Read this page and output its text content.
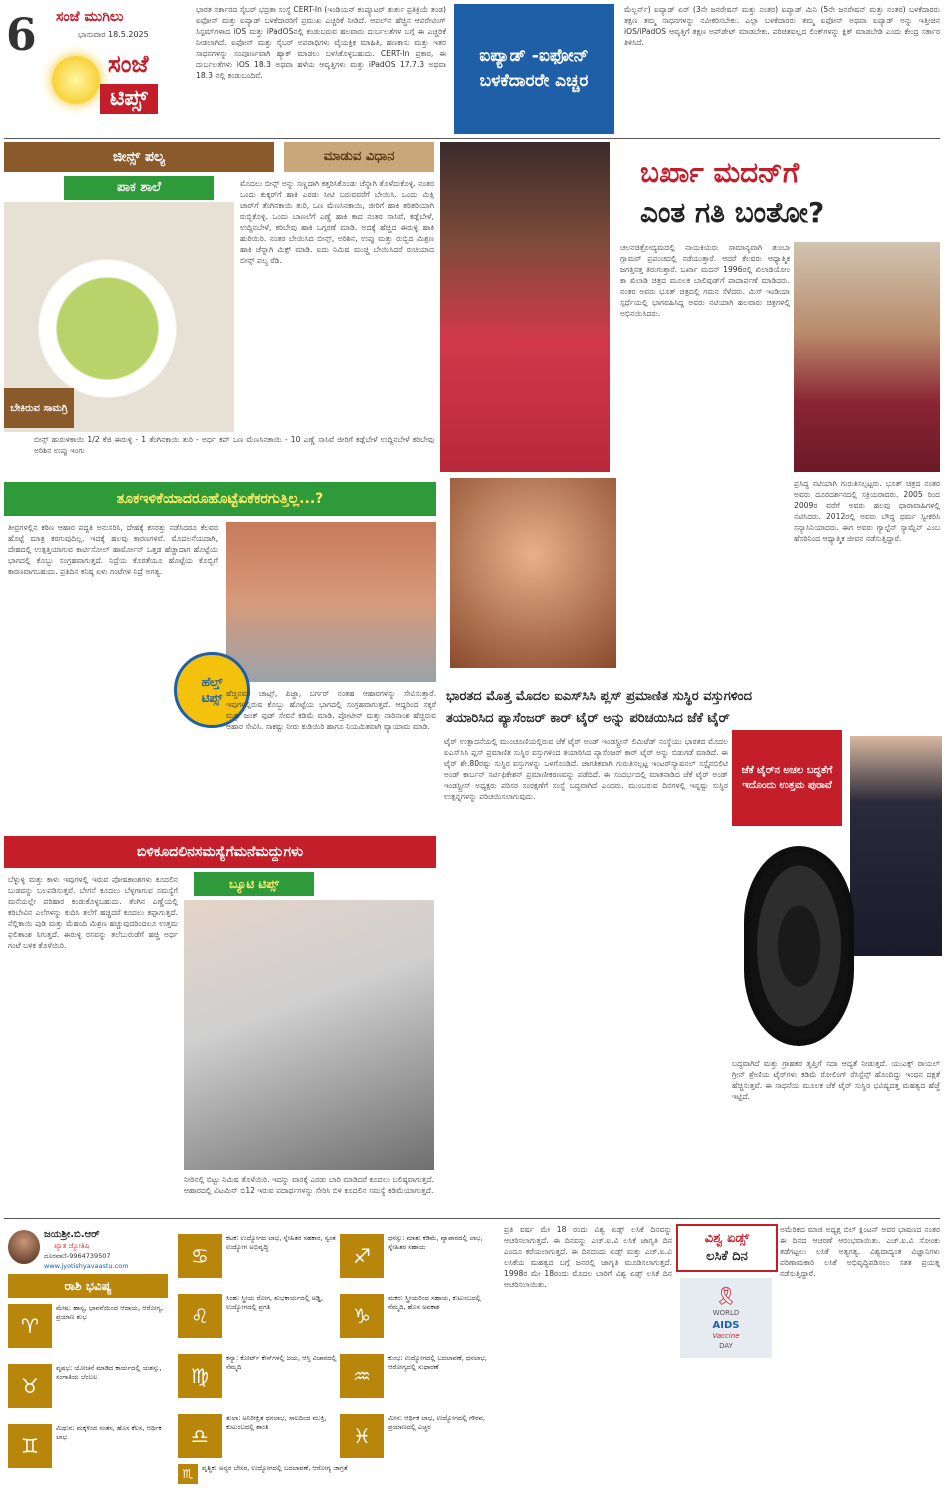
6 ಸಂಜೆ ಮುಗಿಲು
ಭಾನುವಾರ 18.5.2025
ಸಂಜೆ
ಟಿಪ್ಸ್
ಭಾರತ ಸರ್ಕಾರದ ಸೈಬರ್ ಭದ್ರತಾ ಸಂಸ್ಥೆ CERT-In (ಇಂಡಿಯನ್ ಕಂಪ್ಯೂಟರ್ ತುರ್ತು ಪ್ರತಿಕ್ರಿಯೆ ತಂಡ) ಐಫೋನ್ ಮತ್ತು ಐಪ್ಯಾಡ್ ಬಳಕೆದಾರರಿಗೆ ಪ್ರಮುಖ ಎಚ್ಚರಿಕೆ ನೀಡಿದೆ. ಆಪಲ್‌ನ ಹೆಚ್ಚಿನ ಆಪರೇಟಿಂಗ್ ಸಿಸ್ಟಮ್‌ಗಳಾದ iOS ಮತ್ತು iPadOSನಲ್ಲಿ ಕಂಡುಬರುವ ಹಲವಾರು ದುರ್ಬಲತೆಗಳ ಬಗ್ಗೆ ಈ ಎಚ್ಚರಿಕೆ ನೀಡಲಾಗಿದೆ. ಐಫೋನ್ ಮತ್ತು ಸೈಬರ್ ಅಪರಾಧಿಗಳು ವೈಯಕ್ತಿಕ ಮಾಹಿತಿ, ಹಣಕಾಸು ಮತ್ತು ಇತರ ಸಾಧನಗಳನ್ನು ಸಂಪೂರ್ಣವಾಗಿ ಹ್ಯಾಕ್ ಮಾಡಲು ಬಳಸಿಕೊಳ್ಳಬಹುದು. CERT-In ಪ್ರಕಾರ, ಈ ದುರ್ಬಲತೆಗಳು iOS 18.3 ಅಥವಾ ಹಳೆಯ ಆವೃತ್ತಿಗಳು ಮತ್ತು iPadOS 17.7.3 ಅಥವಾ 18.3 ನಲ್ಲಿ ಕಂಡುಬಂದಿವೆ.
ಐಪ್ಯಾಡ್ -ಐಫೋನ್ ಬಳಕೆದಾರರೇ ಎಚ್ಚರ
ಮೆಲ್ಬರ್ನ್) ಐಪ್ಯಾಡ್ ಏರ್ (3ನೇ ಜನರೇಷನ್ ಮತ್ತು ನಂತರ) ಐಪ್ಯಾಡ್ ಮಿನಿ (5ನೇ ಜನರೇಷನ್ ಮತ್ತು ನಂತರ) ಬಳಕೆದಾರರು ತಕ್ಷಣ ತಮ್ಮ ಸಾಧನಗಳನ್ನು ನವೀಕರಿಸಬೇಕು. ಎಲ್ಲಾ ಬಳಕೆದಾರರು ತಮ್ಮ ಐಫೋನ್ ಅಥವಾ ಐಪ್ಯಾಡ್ ಅನ್ನು ಇತ್ತೀಚಿನ iOS/iPadOS ಆವೃತ್ತಿಗೆ ತಕ್ಷಣ ಅಪ್‌ಡೇಟ್ ಮಾಡಬೇಕು. ಪರಿಚಿತವಲ್ಲದ ಲಿಂಕ್‌ಗಳನ್ನು ಕ್ಲಿಕ್ ಮಾಡಬೇಡಿ ಎಂದು ಕೇಂದ್ರ ಸರ್ಕಾರ ತಿಳಿಸಿದೆ.
ಜೀನ್ಸ್ ಪಲ್ಯ	ಮಾಡುವ ವಿಧಾನ
ಪಾಕ ಶಾಲೆ
ಬೇಕಿರುವ ಸಾಮಗ್ರಿ
ಬೀನ್ಸ್ ಹುರುಳಿಕಾಯಿ 1/2 ಕೆಜಿ ಈರುಳ್ಳಿ - 1 ತೆಂಗಿನಕಾಯಿ ತುರಿ - ಅರ್ಧ ಕಪ್ ಒಣ ಮೆಣಸಿನಕಾಯಿ - 10 ಎಣ್ಣೆ ಸಾಸಿವೆ ಜೀರಿಗೆ ಕಡ್ಲೆಬೇಳೆ ಉದ್ದಿನಬೇಳೆ ಕರಿಬೇವು ಅರಿಶಿನ ಉಪ್ಪು ಇಂಗು
ಮೊದಲು ಬೀನ್ಸ್ ಅನ್ನು ಸಣ್ಣದಾಗಿ ಕತ್ತರಿಸಿಕೊಂಡು ಚೆನ್ನಾಗಿ ತೊಳೆದುಕೊಳ್ಳಿ. ನಂತರ ಒಂದು ಕುಕ್ಕರ್‌ಗೆ ಹಾಕಿ ಎರಡು ಸೀಟಿ ಬರುವವರೆಗೆ ಬೇಯಿಸಿ. ಒಂದು ಮಿಕ್ಸಿ ಜಾರ್‌ಗೆ ತೆಂಗಿನಕಾಯಿ ತುರಿ, ಒಣ ಮೆಣಸಿನಕಾಯಿ, ಜೀರಿಗೆ ಹಾಕಿ ತರಿತರಿಯಾಗಿ ರುಬ್ಬಿಕೊಳ್ಳಿ. ಒಂದು ಬಾಣಲೆಗೆ ಎಣ್ಣೆ ಹಾಕಿ ಕಾದ ನಂತರ ಸಾಸಿವೆ, ಕಡ್ಲೆಬೇಳೆ, ಉದ್ದಿನಬೇಳೆ, ಕರಿಬೇವು ಹಾಕಿ ಒಗ್ಗರಣೆ ಮಾಡಿ. ಅದಕ್ಕೆ ಹೆಚ್ಚಿದ ಈರುಳ್ಳಿ ಹಾಕಿ ಹುರಿಯಿರಿ. ನಂತರ ಬೇಯಿಸಿದ ಬೀನ್ಸ್, ಅರಿಶಿನ, ಉಪ್ಪು ಮತ್ತು ರುಬ್ಬಿದ ಮಿಶ್ರಣ ಹಾಕಿ ಚೆನ್ನಾಗಿ ಮಿಕ್ಸ್ ಮಾಡಿ. ಐದು ನಿಮಿಷ ಮುಚ್ಚಿ ಬೇಯಿಸಿದರೆ ರುಚಿಯಾದ ಬೀನ್ಸ್ ಪಲ್ಯ ರೆಡಿ.
ಬರ್ಖಾ ಮದನ್‌ಗೆ
ಎಂತ ಗತಿ ಬಂತೋ?
ಚಲನಚಿತ್ರೋದ್ಯಮದಲ್ಲಿ ನಾಯಕಿಯರು ಸಾಮಾನ್ಯವಾಗಿ ತುಂಬಾ ಗ್ಲಾಮರ್ ಪ್ರಪಂಚದಲ್ಲಿ ನಡೆಯುತ್ತಾರೆ. ಆದರೆ ಕೆಲವರು ಆಧ್ಯಾತ್ಮಿಕ ಜಗತ್ತಿನತ್ತ ತಿರುಗುತ್ತಾರೆ. ಬರ್ಖಾ ಮದನ್ 1996ರಲ್ಲಿ ಖಿಲಾಡಿಯೋಂ ಕಾ ಖಿಲಾಡಿ ಚಿತ್ರದ ಮೂಲಕ ಬಾಲಿವುಡ್‌ಗೆ ಪಾದಾರ್ಪಣೆ ಮಾಡಿದರು. ನಂತರ ಅವರು ಭೂತ್ ಚಿತ್ರದಲ್ಲಿ ಗಮನ ಸೆಳೆದರು. ಮಿಸ್ ಇಂಡಿಯಾ ಸ್ಪರ್ಧೆಯಲ್ಲಿ ಭಾಗವಹಿಸಿದ್ದ ಅವರು ನಟಿಯಾಗಿ ಹಲವಾರು ಚಿತ್ರಗಳಲ್ಲಿ ಅಭಿನಯಿಸಿದರು.
ಪ್ರಸಿದ್ಧ ನಟಿಯಾಗಿ ಗುರುತಿಸಲ್ಪಟ್ಟರು. ಭೂತ್ ಚಿತ್ರದ ನಂತರ ಅವರು ದೂರದರ್ಶನದಲ್ಲಿ ಸಕ್ರಿಯರಾದರು. 2005 ರಿಂದ 2009ರ ವರೆಗೆ ಅವರು ಹಲವು ಧಾರಾವಾಹಿಗಳಲ್ಲಿ ನಟಿಸಿದರು. 2012ರಲ್ಲಿ ಅವರು ಬೌದ್ಧ ಧರ್ಮ ಸ್ವೀಕರಿಸಿ ಸನ್ಯಾಸಿನಿಯಾದರು. ಈಗ ಅವರು ಗ್ಯಾಲ್ಟೆನ್ ಸ್ಯಾಮ್ಟೆನ್ ಎಂಬ ಹೆಸರಿನಿಂದ ಆಧ್ಯಾತ್ಮಿಕ ಜೀವನ ನಡೆಸುತ್ತಿದ್ದಾರೆ.
ತೂಕಇಳಿಕೆಯಾದರೂಹೊಟ್ಟೆಏಕೆಕರಗುತ್ತಿಲ್ಲ...?
ತೀವ್ರಗಳಲ್ಲಿನ ಕಠಿಣ ಆಹಾರ ಪದ್ಧತಿ ಅನುಸರಿಸಿ, ದೇಹಕ್ಕೆ ಕಸರತ್ತು ನಡೆಸಿದರೂ ಕೆಲವರ ಹೊಟ್ಟೆ ಮಾತ್ರ ಕರಗುವುದಿಲ್ಲ. ಇದಕ್ಕೆ ಹಲವು ಕಾರಣಗಳಿವೆ. ಮೊದಲನೆಯದಾಗಿ, ದೇಹದಲ್ಲಿ ಉತ್ಪತ್ತಿಯಾಗುವ ಕಾರ್ಟಿಸೋಲ್ ಹಾರ್ಮೋನ್ ಒತ್ತಡ ಹೆಚ್ಚಾದಾಗ ಹೊಟ್ಟೆಯ ಭಾಗದಲ್ಲಿ ಕೊಬ್ಬು ಸಂಗ್ರಹವಾಗುತ್ತದೆ. ನಿದ್ರೆಯ ಕೊರತೆಯೂ ಹೊಟ್ಟೆಯ ಕೊಬ್ಬಿಗೆ ಕಾರಣವಾಗಬಹುದು. ಪ್ರತಿದಿನ ಕನಿಷ್ಠ ಏಳು ಗಂಟೆಗಳ ನಿದ್ರೆ ಅಗತ್ಯ.
ಹೆಲ್ತ್
ಟಿಪ್ಸ್ ಹೆಚ್ಚಿನವರ ಚಾಟ್ಸ್, ಪಿಜ್ಜಾ, ಬರ್ಗರ್ ನಂತಹ ಆಹಾರಗಳನ್ನು ಸೇವಿಸುತ್ತಾರೆ. ಇವುಗಳಲ್ಲಿರುವ ಕೊಬ್ಬು ಹೊಟ್ಟೆಯ ಭಾಗದಲ್ಲಿ ಸಂಗ್ರಹವಾಗುತ್ತದೆ. ಆದ್ದರಿಂದ ಸಕ್ಕರೆ ಮತ್ತು ಜಂಕ್ ಫುಡ್ ಸೇವನೆ ಕಡಿಮೆ ಮಾಡಿ. ಪ್ರೋಟೀನ್ ಮತ್ತು ನಾರಿನಾಂಶ ಹೆಚ್ಚಿರುವ ಆಹಾರ ಸೇವಿಸಿ. ಸಾಕಷ್ಟು ನೀರು ಕುಡಿಯಿರಿ ಹಾಗೂ ನಿಯಮಿತವಾಗಿ ವ್ಯಾಯಾಮ ಮಾಡಿ.
ಭಾರತದ ಮೊತ್ತ ಮೊದಲ ಐಎಸ್‌ಸಿಸಿ ಪ್ಲಸ್ ಪ್ರಮಾಣಿತ ಸುಸ್ಥಿರ ವಸ್ತುಗಳಿಂದ
ತಯಾರಿಸಿದ ಪ್ಯಾಸೆಂಜರ್ ಕಾರ್ ಟೈರ್ ಅನ್ನು ಪರಿಚಯಿಸಿದ ಜೆಕೆ ಟೈರ್
ಟೈರ್ ಉತ್ಪಾದನೆಯಲ್ಲಿ ಮುಂಚೂಣಿಯಲ್ಲಿರುವ ಜೆಕೆ ಟೈರ್ ಅಂಡ್ ಇಂಡಸ್ಟ್ರೀಸ್ ಲಿಮಿಟೆಡ್ ಸಂಸ್ಥೆಯು ಭಾರತದ ಮೊದಲ ಐಎಸ್‌ಸಿಸಿ ಪ್ಲಸ್ ಪ್ರಮಾಣಿತ ಸುಸ್ಥಿರ ವಸ್ತುಗಳಿಂದ ತಯಾರಿಸಿದ ಪ್ಯಾಸೆಂಜರ್ ಕಾರ್ ಟೈರ್ ಅನ್ನು ಬಿಡುಗಡೆ ಮಾಡಿದೆ. ಈ ಟೈರ್ ಶೇ.80ರಷ್ಟು ಸುಸ್ಥಿರ ವಸ್ತುಗಳನ್ನು ಒಳಗೊಂಡಿದೆ. ಜಾಗತಿಕವಾಗಿ ಗುರುತಿಸಲ್ಪಟ್ಟ ಇಂಟರ್‌ನ್ಯಾಷನಲ್ ಸಸ್ಟೈನಬಿಲಿಟಿ ಅಂಡ್ ಕಾರ್ಬನ್ ಸರ್ಟಿಫಿಕೇಶನ್ ಪ್ರಮಾಣೀಕರಣವನ್ನು ಪಡೆದಿದೆ. ಈ ಸಂದರ್ಭದಲ್ಲಿ ಮಾತನಾಡಿದ ಜೆಕೆ ಟೈರ್ ಅಂಡ್ ಇಂಡಸ್ಟ್ರೀಸ್ ಅಧ್ಯಕ್ಷರು ಪರಿಸರ ಸಂರಕ್ಷಣೆಗೆ ಸಂಸ್ಥೆ ಬದ್ಧವಾಗಿದೆ ಎಂದರು. ಮುಂಬರುವ ದಿನಗಳಲ್ಲಿ ಇನ್ನಷ್ಟು ಸುಸ್ಥಿರ ಉತ್ಪನ್ನಗಳನ್ನು ಪರಿಚಯಿಸಲಾಗುವುದು.
ಜೆಕೆ ಟೈರ್‌ನ ಅಚಲ ಬದ್ಧತೆಗೆ ಇದೊಂದು ಉತ್ತಮ ಪುರಾವೆ
ಬದ್ಧವಾಗಿದೆ ಮತ್ತು ಗ್ರಾಹಕರ ತೃಪ್ತಿಗೆ ಸದಾ ಆದ್ಯತೆ ನೀಡುತ್ತದೆ. ಯುಎಕ್ಸ್ ರಾಯಲ್ ಗ್ರೀನ್ ಶ್ರೇಣಿಯ ಟೈರ್‌ಗಳು ಕಡಿಮೆ ರೋಲಿಂಗ್ ರೆಸಿಸ್ಟೆನ್ಸ್ ಹೊಂದಿದ್ದು ಇಂಧನ ದಕ್ಷತೆ ಹೆಚ್ಚಿಸುತ್ತವೆ. ಈ ಸಾಧನೆಯ ಮೂಲಕ ಜೆಕೆ ಟೈರ್ ಸುಸ್ಥಿರ ಭವಿಷ್ಯದತ್ತ ಮಹತ್ವದ ಹೆಜ್ಜೆ ಇಟ್ಟಿದೆ.
ಬಿಳಿಕೂದಲಿನಸಮಸ್ಯೆಗೆಮನೆಮದ್ದುಗಳು
ಬೆಳ್ಳುಳ್ಳಿ ಮತ್ತು ಕಾಳು ಇವುಗಳಲ್ಲಿ ಇರುವ ಪೋಷಕಾಂಶಗಳು ಕೂದಲಿನ ಬುಡವನ್ನು ಬಲಪಡಿಸುತ್ತವೆ. ಬೇಗನೆ ಕೂದಲು ಬೆಳ್ಳಗಾಗುವ ಸಮಸ್ಯೆಗೆ ಮನೆಯಲ್ಲೇ ಪರಿಹಾರ ಕಂಡುಕೊಳ್ಳಬಹುದು. ತೆಂಗಿನ ಎಣ್ಣೆಯಲ್ಲಿ ಕರಿಬೇವಿನ ಎಲೆಗಳನ್ನು ಕುದಿಸಿ ತಲೆಗೆ ಹಚ್ಚಿದರೆ ಕೂದಲು ಕಪ್ಪಾಗುತ್ತದೆ. ನೆಲ್ಲಿಕಾಯಿ ಪುಡಿ ಮತ್ತು ಮೆಹಂದಿ ಮಿಶ್ರಣ ಹಚ್ಚುವುದರಿಂದಲೂ ಉತ್ತಮ ಫಲಿತಾಂಶ ಸಿಗುತ್ತದೆ. ಈರುಳ್ಳಿ ರಸವನ್ನು ತಲೆಬುರುಡೆಗೆ ಹಚ್ಚಿ ಅರ್ಧ ಗಂಟೆ ಬಳಿಕ ತೊಳೆಯಿರಿ.
ಬ್ಯೂಟಿ ಟಿಪ್ಸ್
ನೀರಿನಲ್ಲಿ ಬಿಟ್ಟು ನಿಮಿಷ ತೊಳೆಯಿರಿ. ಇದನ್ನು ವಾರಕ್ಕೆ ಎರಡು ಬಾರಿ ಮಾಡಿದರೆ ಕೂದಲು ಬಲಿಷ್ಠವಾಗುತ್ತದೆ. ಆಹಾರದಲ್ಲಿ ವಿಟಮಿನ್ ಬಿ12 ಇರುವ ಪದಾರ್ಥಗಳನ್ನು ಸೇರಿಸಿ ಬಿಳಿ ಕೂದಲಿನ ಸಮಸ್ಯೆ ಕಡಿಮೆಯಾಗುತ್ತದೆ.
ಜಯಶ್ರೀ.ಬಿ.ಆರ್
ಖ್ಯಾತ ಜ್ಯೋತಿಷಿ
ದೂರವಾಣಿ-9964739507
www.jyotishyavaastu.com
ರಾಶಿ ಭವಿಷ್ಯ
♈
ಮೇಷ: ಹಾಸ್ಯ, ಭಾವನೆಯಿಂದ ಆದಾಯ, ಆರೋಗ್ಯ, ಪ್ರಯಾಣ ಶುಭ
♉
ವೃಷಭ: ಯೋಚನೆ ಮಾಡಿದ ಕಾರ್ಯದಲ್ಲಿ ಯಶಸ್ಸು, ಸಂಗಾತಿಯ ಬೆಂಬಲ
♊
ಮಿಥುನ: ಮಕ್ಕಳಿಂದ ಸಂತಸ, ಹೊಸ ಕೆಲಸ, ಆರ್ಥಿಕ ಲಾಭ
♋
ಕಟಕ: ಉದ್ಯೋಗದ ಲಾಭ, ಸ್ನೇಹಿತರ ಸಹಕಾರ, ಸ್ವಂತ ಉದ್ಯೋಗ ಅಭಿವೃದ್ಧಿ
♌
ಸಿಂಹ: ಸ್ತ್ರೀಯ ರೋಗ, ಶುಭಕಾರ್ಯದಲ್ಲಿ ಅಡ್ಡಿ, ಉದ್ಯೋಗದಲ್ಲಿ ಪ್ರಗತಿ
♍
ಕನ್ಯಾ: ಕೋರ್ಟ್ ಕೇಸ್‌ಗಳಲ್ಲಿ ಜಯ, ಆಸ್ತಿ ವಿಚಾರದಲ್ಲಿ ನೆಮ್ಮದಿ
♎
ತುಲಾ: ಅನಿರೀಕ್ಷಿತ ಧನಲಾಭ, ಸಾಲದಿಂದ ಮುಕ್ತಿ, ಕುಟುಂಬದಲ್ಲಿ ಶಾಂತಿ
♐
ಧನಸ್ಸು: ಮಾತು ಕಡಿಮೆ, ವ್ಯಾಪಾರದಲ್ಲಿ ಲಾಭ, ಸ್ನೇಹಿತರ ಸಹಾಯ
♑
ಮಕರ: ಸ್ತ್ರೀಯರಿಂದ ಸಹಾಯ, ಕುಟುಂಬದಲ್ಲಿ ನೆಮ್ಮದಿ, ಹೊಸ ಅವಕಾಶ
♒
ಕುಂಭ: ಉದ್ಯೋಗದಲ್ಲಿ ಬದಲಾವಣೆ, ಧನಲಾಭ, ಆರೋಗ್ಯದಲ್ಲಿ ಸುಧಾರಣೆ
♓
ಮೀನ: ಆರ್ಥಿಕ ಲಾಭ, ಉದ್ಯೋಗದಲ್ಲಿ ಗೌರವ, ಪ್ರಯಾಣದಲ್ಲಿ ಎಚ್ಚರ
♏	ವೃಶ್ಚಿಕ: ಅನ್ಯರ ಬೇಸರ, ಉದ್ಯೋಗದಲ್ಲಿ ಬದಲಾವಣೆ, ಆರೋಗ್ಯ ಜಾಗ್ರತೆ
ಪ್ರತಿ ವರ್ಷ ಮೇ 18 ರಂದು ವಿಶ್ವ ಏಡ್ಸ್ ಲಸಿಕೆ ದಿನವನ್ನು ಆಚರಿಸಲಾಗುತ್ತದೆ. ಈ ದಿನವನ್ನು ಎಚ್.ಐ.ವಿ ಲಸಿಕೆ ಜಾಗೃತಿ ದಿನ ಎಂದೂ ಕರೆಯಲಾಗುತ್ತದೆ. ಈ ದಿನದಂದು ಏಡ್ಸ್ ಮತ್ತು ಎಚ್.ಐ.ವಿ ಲಸಿಕೆಯ ಮಹತ್ವದ ಬಗ್ಗೆ ಜನರಲ್ಲಿ ಜಾಗೃತಿ ಮೂಡಿಸಲಾಗುತ್ತದೆ. 1998ರ ಮೇ 18ರಂದು ಮೊದಲ ಬಾರಿಗೆ ವಿಶ್ವ ಏಡ್ಸ್ ಲಸಿಕೆ ದಿನ ಆಚರಿಸಲಾಯಿತು.
ವಿಶ್ವ ಏಡ್ಸ್
ಲಸಿಕೆ ದಿನ
🎗
WORLD
AIDS
Vaccine
DAY
ಅಮೆರಿಕದ ಮಾಜಿ ಅಧ್ಯಕ್ಷ ಬಿಲ್ ಕ್ಲಿಂಟನ್ ಅವರ ಭಾಷಣದ ನಂತರ ಈ ದಿನದ ಆಚರಣೆ ಆರಂಭವಾಯಿತು. ಎಚ್.ಐ.ವಿ ಸೋಂಕು ತಡೆಗಟ್ಟಲು ಲಸಿಕೆ ಅತ್ಯಗತ್ಯ. ವಿಶ್ವದಾದ್ಯಂತ ವಿಜ್ಞಾನಿಗಳು ಪರಿಣಾಮಕಾರಿ ಲಸಿಕೆ ಅಭಿವೃದ್ಧಿಪಡಿಸಲು ಸತತ ಪ್ರಯತ್ನ ನಡೆಸುತ್ತಿದ್ದಾರೆ.
